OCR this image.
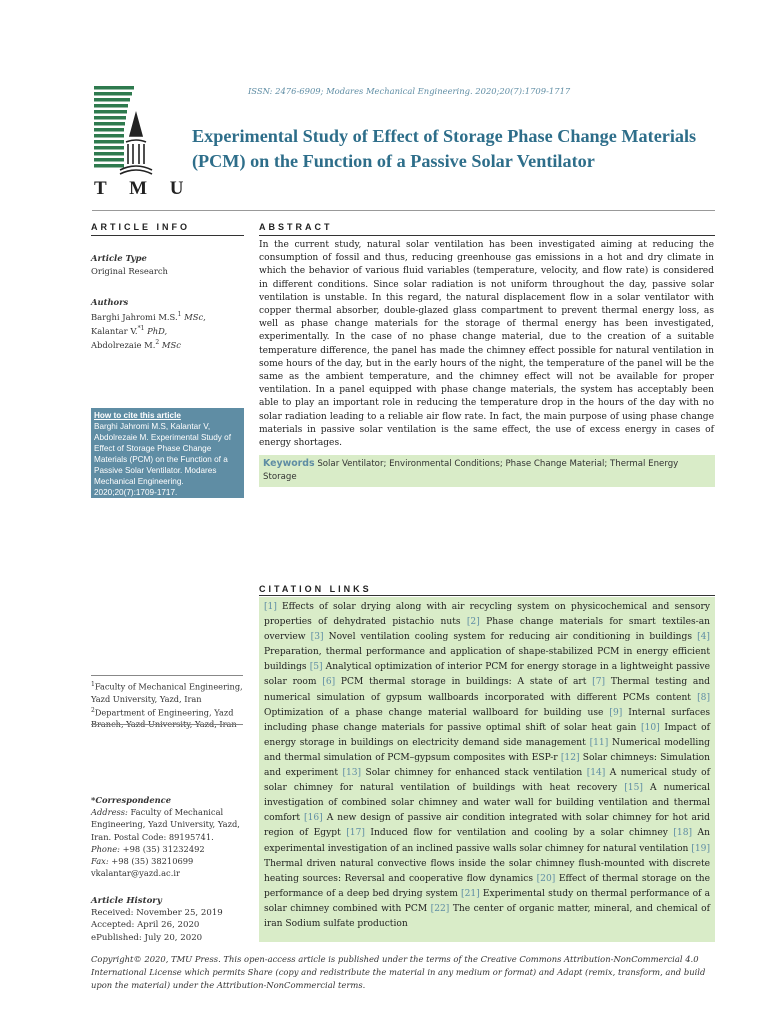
ISSN: 2476-6909; Modares Mechanical Engineering. 2020;20(7):1709-1717
T M U
Experimental Study of Effect of Storage Phase Change Materials
(PCM) on the Function of a Passive Solar Ventilator
ARTICLE INFO
Article Type
Original Research
Authors
Barghi Jahromi M.S.$^1$ MSc,
Kalantar V.$^{*1}$ PhD,
Abdolrezaie M.$^2$ MSc
How to cite this article
Barghi Jahromi M.S, Kalantar V, Abdolrezaie M. Experimental Study of Effect of Storage Phase Change Materials (PCM) on the Function of a Passive Solar Ventilator. Modares Mechanical Engineering. 2020;20(7):1709-1717.
$^1$Faculty of Mechanical Engineering, Yazd University, Yazd, Iran
$^2$Department of Engineering, Yazd Branch, Yazd University, Yazd, Iran
*Correspondence
Address: Faculty of Mechanical Engineering, Yazd University, Yazd, Iran. Postal Code: 89195741.
Phone: +98 (35) 31232492
Fax: +98 (35) 38210699
vkalantar@yazd.ac.ir
Article History
Received: November 25, 2019
Accepted: April 26, 2020
ePublished: July 20, 2020
ABSTRACT
In the current study, natural solar ventilation has been investigated aiming at reducing the consumption of fossil and thus, reducing greenhouse gas emissions in a hot and dry climate in which the behavior of various fluid variables (temperature, velocity, and flow rate) is considered in different conditions. Since solar radiation is not uniform throughout the day, passive solar ventilation is unstable. In this regard, the natural displacement flow in a solar ventilator with copper thermal absorber, double-glazed glass compartment to prevent thermal energy loss, as well as phase change materials for the storage of thermal energy has been investigated, experimentally. In the case of no phase change material, due to the creation of a suitable temperature difference, the panel has made the chimney effect possible for natural ventilation in some hours of the day, but in the early hours of the night, the temperature of the panel will be the same as the ambient temperature, and the chimney effect will not be available for proper ventilation. In a panel equipped with phase change materials, the system has acceptably been able to play an important role in reducing the temperature drop in the hours of the day with no solar radiation leading to a reliable air flow rate. In fact, the main purpose of using phase change materials in passive solar ventilation is the same effect, the use of excess energy in cases of energy shortages.
Keywords Solar Ventilator; Environmental Conditions; Phase Change Material; Thermal Energy Storage
CITATION LINKS
[1] Effects of solar drying along with air recycling system on physicochemical and sensory properties of dehydrated pistachio nuts [2] Phase change materials for smart textiles-an overview [3] Novel ventilation cooling system for reducing air conditioning in buildings [4] Preparation, thermal performance and application of shape-stabilized PCM in energy efficient buildings [5] Analytical optimization of interior PCM for energy storage in a lightweight passive solar room [6] PCM thermal storage in buildings: A state of art [7] Thermal testing and numerical simulation of gypsum wallboards incorporated with different PCMs content [8] Optimization of a phase change material wallboard for building use [9] Internal surfaces including phase change materials for passive optimal shift of solar heat gain [10] Impact of energy storage in buildings on electricity demand side management [11] Numerical modelling and thermal simulation of PCM–gypsum composites with ESP-r [12] Solar chimneys: Simulation and experiment [13] Solar chimney for enhanced stack ventilation [14] A numerical study of solar chimney for natural ventilation of buildings with heat recovery [15] A numerical investigation of combined solar chimney and water wall for building ventilation and thermal comfort [16] A new design of passive air condition integrated with solar chimney for hot arid region of Egypt [17] Induced flow for ventilation and cooling by a solar chimney [18] An experimental investigation of an inclined passive walls solar chimney for natural ventilation [19] Thermal driven natural convective flows inside the solar chimney flush-mounted with discrete heating sources: Reversal and cooperative flow dynamics [20] Effect of thermal storage on the performance of a deep bed drying system [21] Experimental study on thermal performance of a solar chimney combined with PCM [22] The center of organic matter, mineral, and chemical of iran Sodium sulfate production
Copyright© 2020, TMU Press. This open-access article is published under the terms of the Creative Commons Attribution-NonCommercial 4.0 International License which permits Share (copy and redistribute the material in any medium or format) and Adapt (remix, transform, and build upon the material) under the Attribution-NonCommercial terms.
